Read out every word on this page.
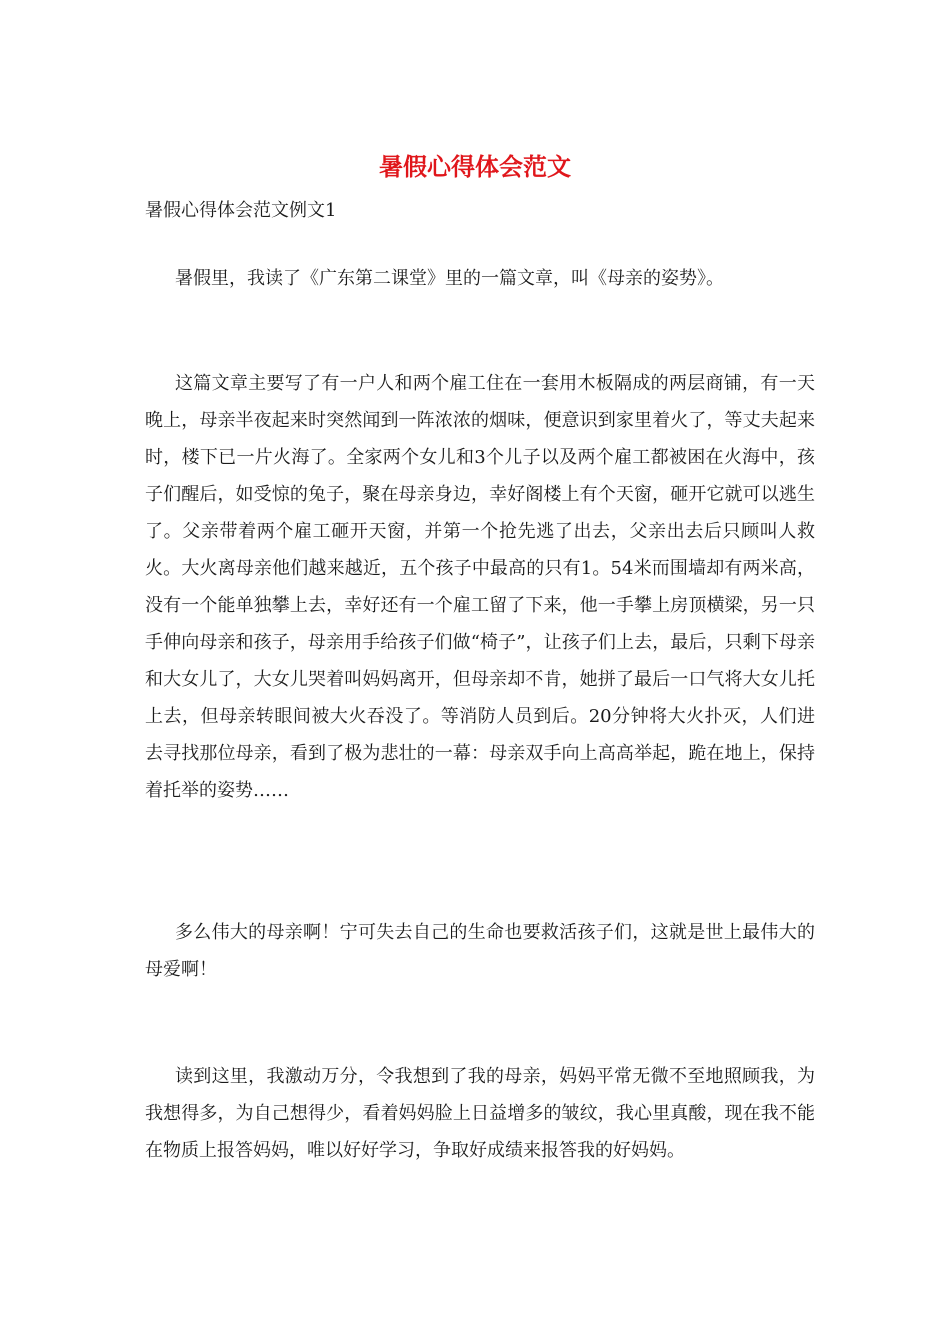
暑假心得体会范文

暑假心得体会范文例文1

暑假里，我读了《广东第二课堂》里的一篇文章，叫《母亲的姿势》。

这篇文章主要写了有一户人和两个雇工住在一套用木板隔成的两层商铺，有一天晚上，母亲半夜起来时突然闻到一阵浓浓的烟味，便意识到家里着火了，等丈夫起来时，楼下已一片火海了。全家两个女儿和3个儿子以及两个雇工都被困在火海中，孩子们醒后，如受惊的兔子，聚在母亲身边，幸好阁楼上有个天窗，砸开它就可以逃生了。父亲带着两个雇工砸开天窗，并第一个抢先逃了出去，父亲出去后只顾叫人救火。大火离母亲他们越来越近，五个孩子中最高的只有1。54米而围墙却有两米高，没有一个能单独攀上去，幸好还有一个雇工留了下来，他一手攀上房顶横梁，另一只手伸向母亲和孩子，母亲用手给孩子们做“椅子”，让孩子们上去，最后，只剩下母亲和大女儿了，大女儿哭着叫妈妈离开，但母亲却不肯，她拼了最后一口气将大女儿托上去，但母亲转眼间被大火吞没了。等消防人员到后。20分钟将大火扑灭，人们进去寻找那位母亲，看到了极为悲壮的一幕：母亲双手向上高高举起，跪在地上，保持着托举的姿势……

多么伟大的母亲啊！宁可失去自己的生命也要救活孩子们，这就是世上最伟大的母爱啊！

读到这里，我激动万分，令我想到了我的母亲，妈妈平常无微不至地照顾我，为我想得多，为自己想得少，看着妈妈脸上日益增多的皱纹，我心里真酸，现在我不能在物质上报答妈妈，唯以好好学习，争取好成绩来报答我的好妈妈。
